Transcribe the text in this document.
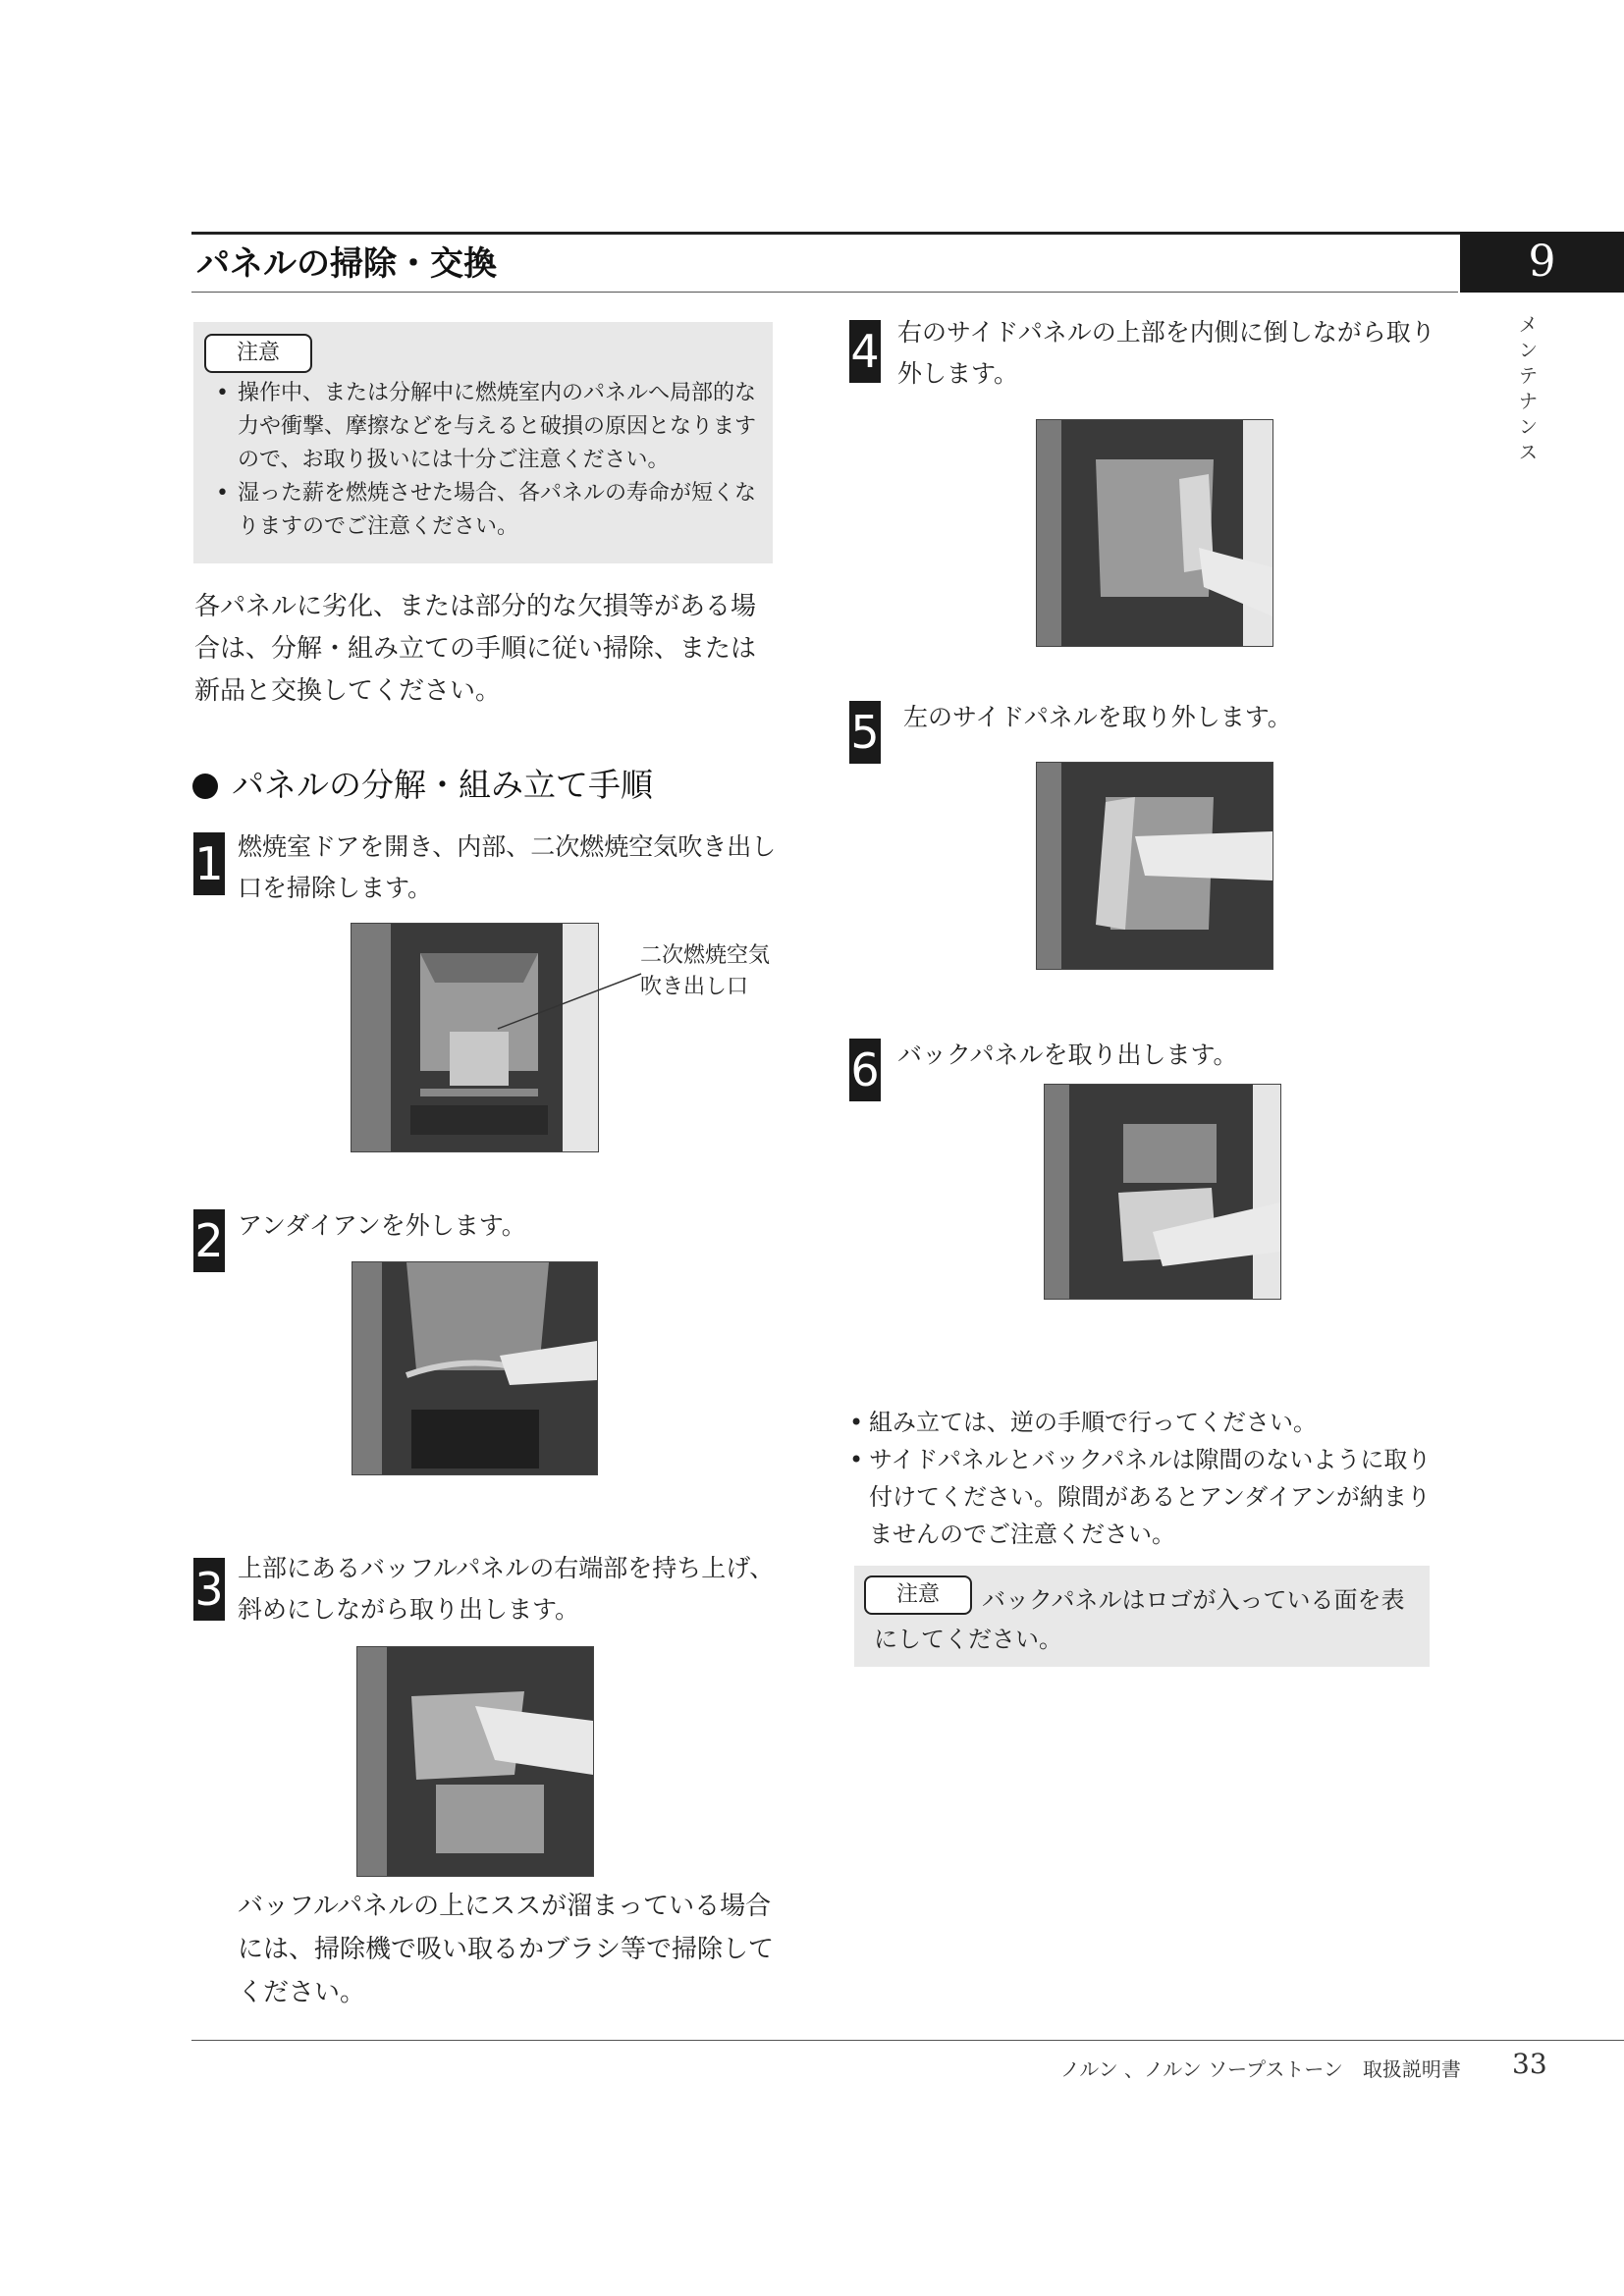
パネルの掃除・交換	9
メンテナンス
注意
• 操作中、または分解中に燃焼室内のパネルへ局部的な力や衝撃、摩擦などを与えると破損の原因となりますので、お取り扱いには十分ご注意ください。
• 湿った薪を燃焼させた場合、各パネルの寿命が短くなりますのでご注意ください。
各パネルに劣化、または部分的な欠損等がある場合は、分解・組み立ての手順に従い掃除、または新品と交換してください。
パネルの分解・組み立て手順
1 燃焼室ドアを開き、内部、二次燃焼空気吹き出し口を掃除します。
二次燃焼空気
吹き出し口
2 アンダイアンを外します。
3 上部にあるバッフルパネルの右端部を持ち上げ、斜めにしながら取り出します。
バッフルパネルの上にススが溜まっている場合には、掃除機で吸い取るかブラシ等で掃除してください。
4 右のサイドパネルの上部を内側に倒しながら取り外します。
5 左のサイドパネルを取り外します。
6 バックパネルを取り出します。
• 組み立ては、逆の手順で行ってください。
• サイドパネルとバックパネルは隙間のないように取り付けてください。隙間があるとアンダイアンが納まりませんのでご注意ください。
バックパネルはロゴが入っている面を表にしてください。
注意
ノルン 、ノルン ソープストーン　取扱説明書 33
